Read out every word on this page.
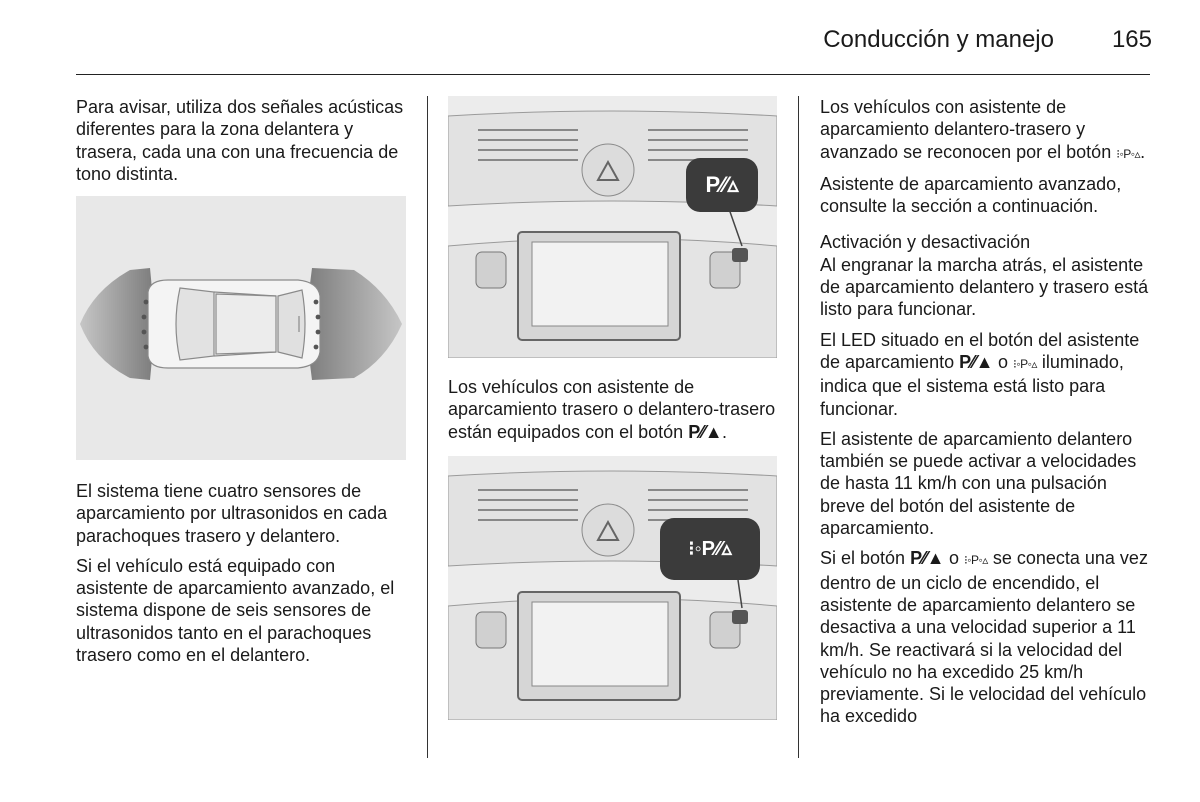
Conducción y manejo 165

Para avisar, utiliza dos señales acústicas diferentes para la zona delantera y trasera, cada una con una frecuencia de tono distinta.

El sistema tiene cuatro sensores de aparcamiento por ultrasonidos en cada parachoques trasero y delantero.

Si el vehículo está equipado con asistente de aparcamiento avanzado, el sistema dispone de seis sensores de ultrasonidos tanto en el parachoques trasero como en el delantero.

P⁄⁄▵

Los vehículos con asistente de aparcamiento trasero o delantero-trasero están equipados con el botón P⁄⁄▲.

⁝◦P⁄⁄▵

Los vehículos con asistente de aparcamiento delantero-trasero y avanzado se reconocen por el botón ⁝◦P◦▵.

Asistente de aparcamiento avanzado, consulte la sección a continuación.

Activación y desactivación

Al engranar la marcha atrás, el asistente de aparcamiento delantero y trasero está listo para funcionar.

El LED situado en el botón del asistente de aparcamiento P⁄⁄▲ o ⁝◦P◦▵ iluminado, indica que el sistema está listo para funcionar.

El asistente de aparcamiento delantero también se puede activar a velocidades de hasta 11 km/h con una pulsación breve del botón del asistente de aparcamiento.

Si el botón P⁄⁄▲ o ⁝◦P◦▵ se conecta una vez dentro de un ciclo de encendido, el asistente de aparcamiento delantero se desactiva a una velocidad superior a 11 km/h. Se reactivará si la velocidad del vehículo no ha excedido 25 km/h previamente. Si le velocidad del vehículo ha excedido
